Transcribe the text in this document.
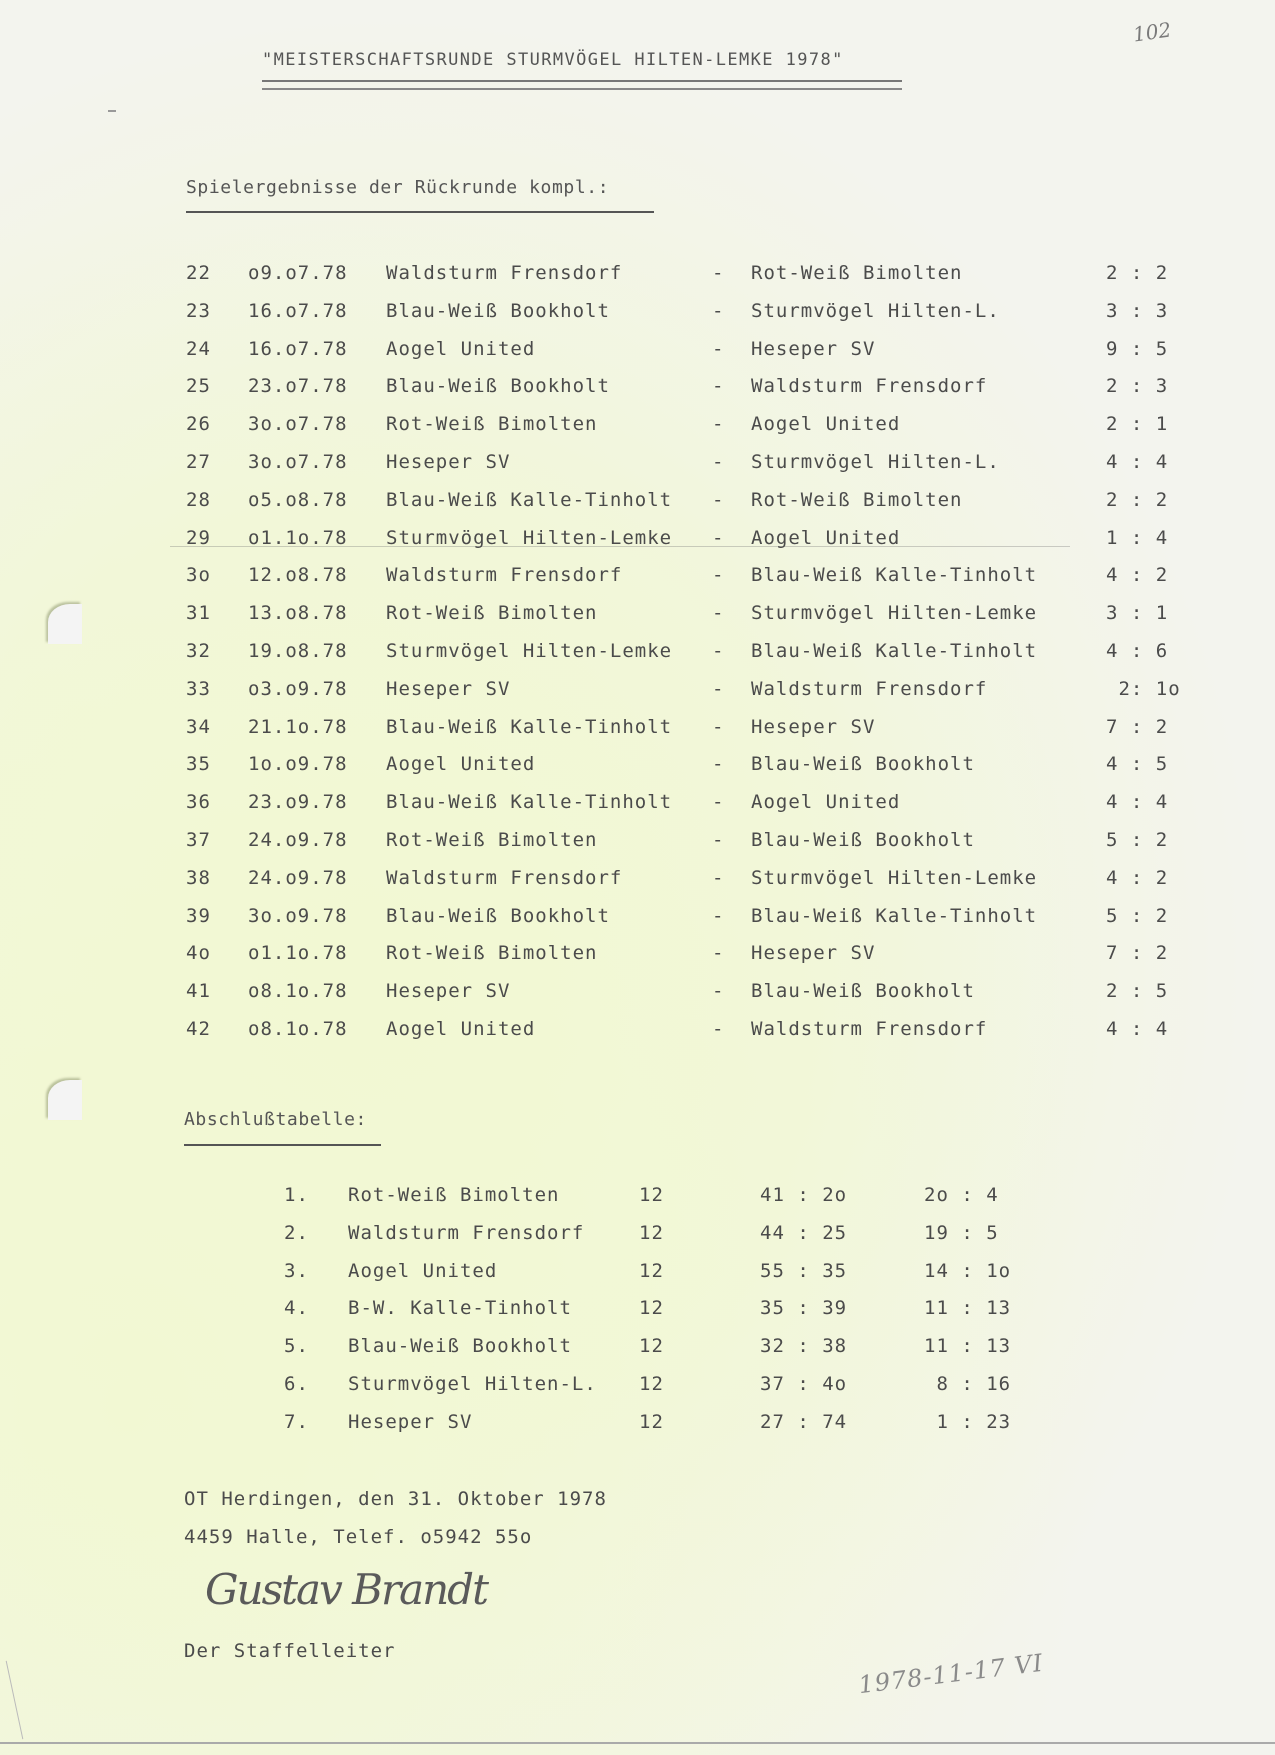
102
"MEISTERSCHAFTSRUNDE STURMVÖGEL HILTEN-LEMKE 1978"
Spielergebnisse der Rückrunde kompl.:
22 o9.o7.78 Waldsturm Frensdorf	- Rot-Weiß Bimolten	2 : 2
23 16.o7.78 Blau-Weiß Bookholt	- Sturmvögel Hilten-L.	3 : 3
24 16.o7.78 Aogel United	- Heseper SV	9 : 5
25 23.o7.78 Blau-Weiß Bookholt	- Waldsturm Frensdorf	2 : 3
26 3o.o7.78 Rot-Weiß Bimolten	- Aogel United	2 : 1
27 3o.o7.78 Heseper SV	- Sturmvögel Hilten-L.	4 : 4
28 o5.o8.78 Blau-Weiß Kalle-Tinholt - Rot-Weiß Bimolten	2 : 2
29 o1.1o.78 Sturmvögel Hilten-Lemke - Aogel United	1 : 4
3o 12.o8.78 Waldsturm Frensdorf	- Blau-Weiß Kalle-Tinholt	4 : 2
31 13.o8.78 Rot-Weiß Bimolten	- Sturmvögel Hilten-Lemke	3 : 1
32 19.o8.78 Sturmvögel Hilten-Lemke - Blau-Weiß Kalle-Tinholt	4 : 6
33 o3.o9.78 Heseper SV	- Waldsturm Frensdorf	2: 1o
34 21.1o.78 Blau-Weiß Kalle-Tinholt - Heseper SV	7 : 2
35 1o.o9.78 Aogel United	- Blau-Weiß Bookholt	4 : 5
36 23.o9.78 Blau-Weiß Kalle-Tinholt - Aogel United	4 : 4
37 24.o9.78 Rot-Weiß Bimolten	- Blau-Weiß Bookholt	5 : 2
38 24.o9.78 Waldsturm Frensdorf	- Sturmvögel Hilten-Lemke	4 : 2
39 3o.o9.78 Blau-Weiß Bookholt	- Blau-Weiß Kalle-Tinholt	5 : 2
4o o1.1o.78 Rot-Weiß Bimolten	- Heseper SV	7 : 2
41 o8.1o.78 Heseper SV	- Blau-Weiß Bookholt	2 : 5
42 o8.1o.78 Aogel United	- Waldsturm Frensdorf	4 : 4
Abschlußtabelle:
1. Rot-Weiß Bimolten	12	41 : 2o	2o : 4
2. Waldsturm Frensdorf	12	44 : 25	19 : 5
3. Aogel United	12	55 : 35	14 : 1o
4. B-W. Kalle-Tinholt	12	35 : 39	11 : 13
5. Blau-Weiß Bookholt	12	32 : 38	11 : 13
6. Sturmvögel Hilten-L. 12	37 : 4o	8 : 16
7. Heseper SV	12	27 : 74	1 : 23
OT Herdingen, den 31. Oktober 1978
4459 Halle, Telef. o5942 55o
Gustav Brandt
Der Staffelleiter	1978-11-17 VI
